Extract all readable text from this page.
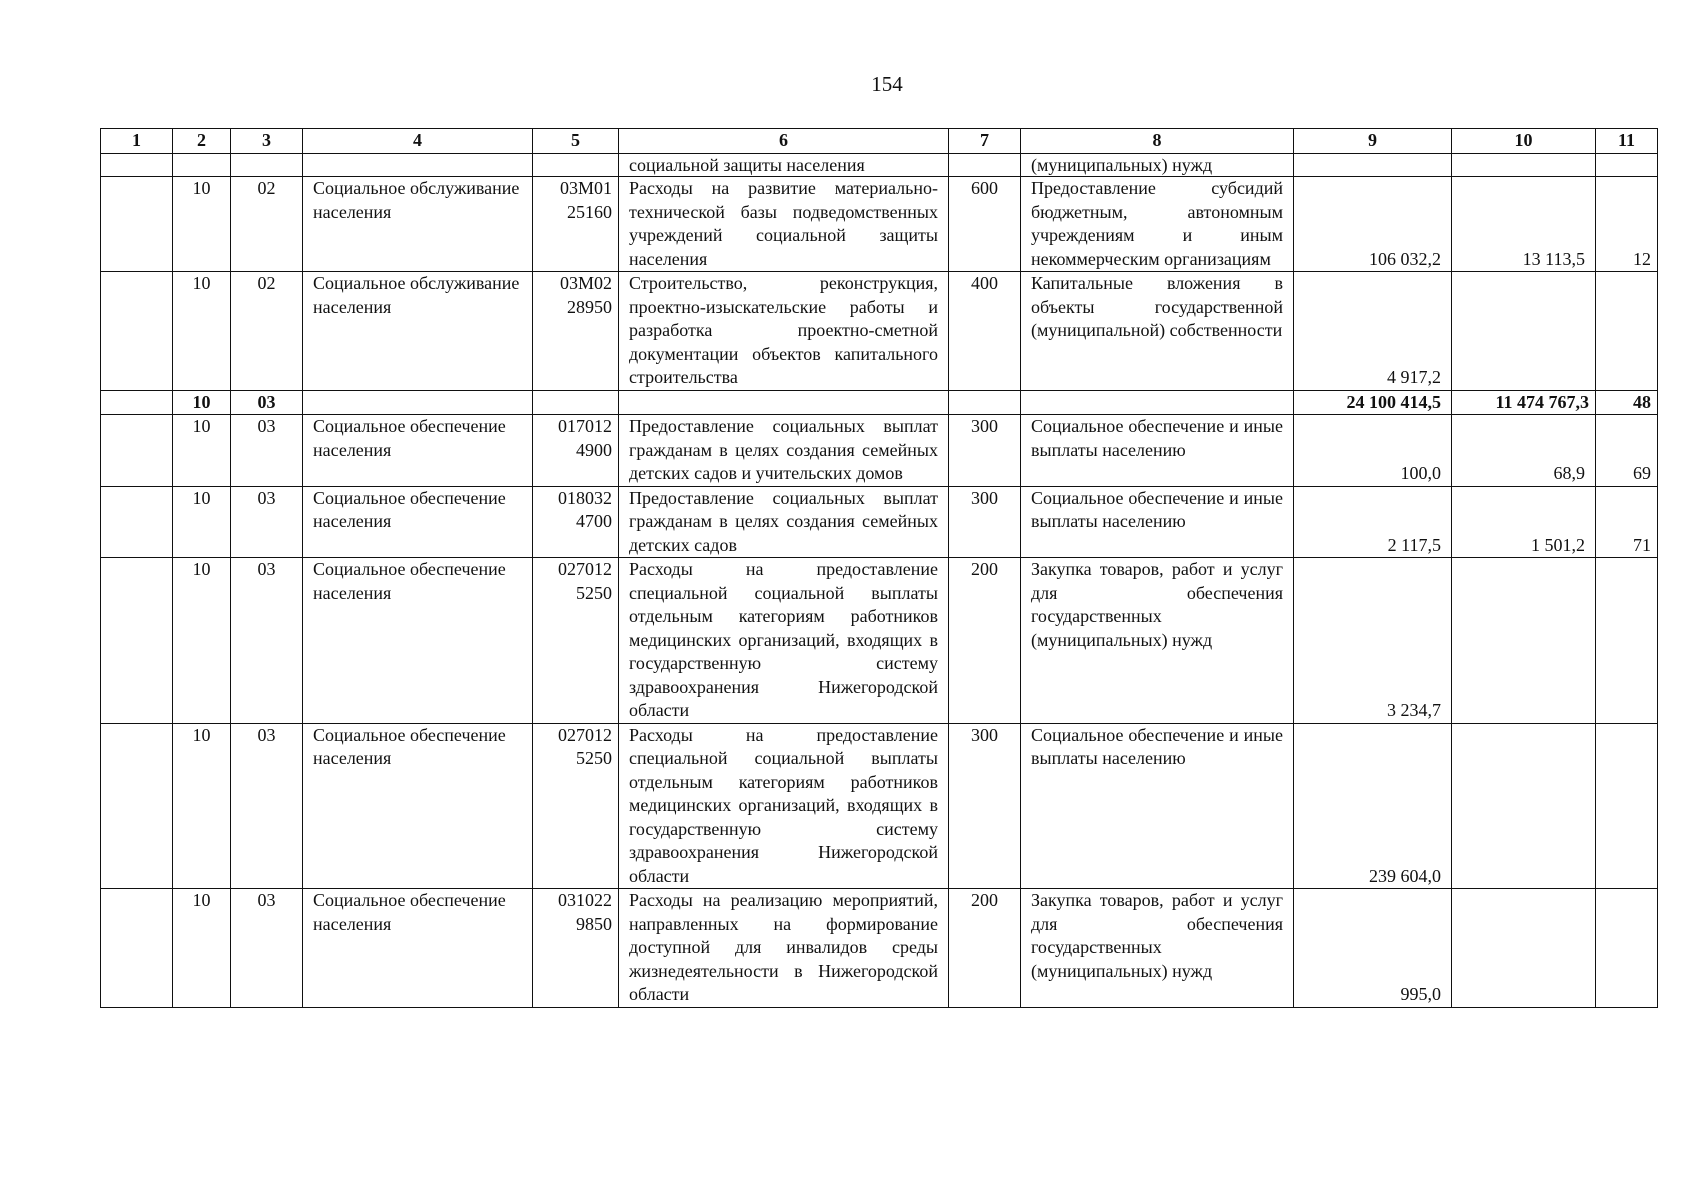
154
1	2	3	4	5	6	7	8	9	10	11
					социальной защиты населения		(муниципальных) нужд			
	10	02	Социальное обслуживание населения	03М01 25160	Расходы на развитие материально-технической базы подведомственных учреждений социальной защиты населения	600	Предоставление субсидий бюджетным, автономным учреждениям и иным некоммерческим организациям	106 032,2	13 113,5	12
	10	02	Социальное обслуживание населения	03М02 28950	Строительство, реконструкция, проектно-изыскательские работы и разработка проектно-сметной документации объектов капитального строительства	400	Капитальные вложения в объекты государственной (муниципальной) собственности	4 917,2		
	10	03						24 100 414,5	11 474 767,3	48
	10	03	Социальное обеспечение населения	017012 4900	Предоставление социальных выплат гражданам в целях создания семейных детских садов и учительских домов	300	Социальное обеспечение и иные выплаты населению	100,0	68,9	69
	10	03	Социальное обеспечение населения	018032 4700	Предоставление социальных выплат гражданам в целях создания семейных детских садов	300	Социальное обеспечение и иные выплаты населению	2 117,5	1 501,2	71
	10	03	Социальное обеспечение населения	027012 5250	Расходы на предоставление специальной социальной выплаты отдельным категориям работников медицинских организаций, входящих в государственную систему здравоохранения Нижегородской области	200	Закупка товаров, работ и услуг для обеспечения государственных (муниципальных) нужд	3 234,7		
	10	03	Социальное обеспечение населения	027012 5250	Расходы на предоставление специальной социальной выплаты отдельным категориям работников медицинских организаций, входящих в государственную систему здравоохранения Нижегородской области	300	Социальное обеспечение и иные выплаты населению	239 604,0		
	10	03	Социальное обеспечение населения	031022 9850	Расходы на реализацию мероприятий, направленных на формирование доступной для инвалидов среды жизнедеятельности в Нижегородской области	200	Закупка товаров, работ и услуг для обеспечения государственных (муниципальных) нужд	995,0		
